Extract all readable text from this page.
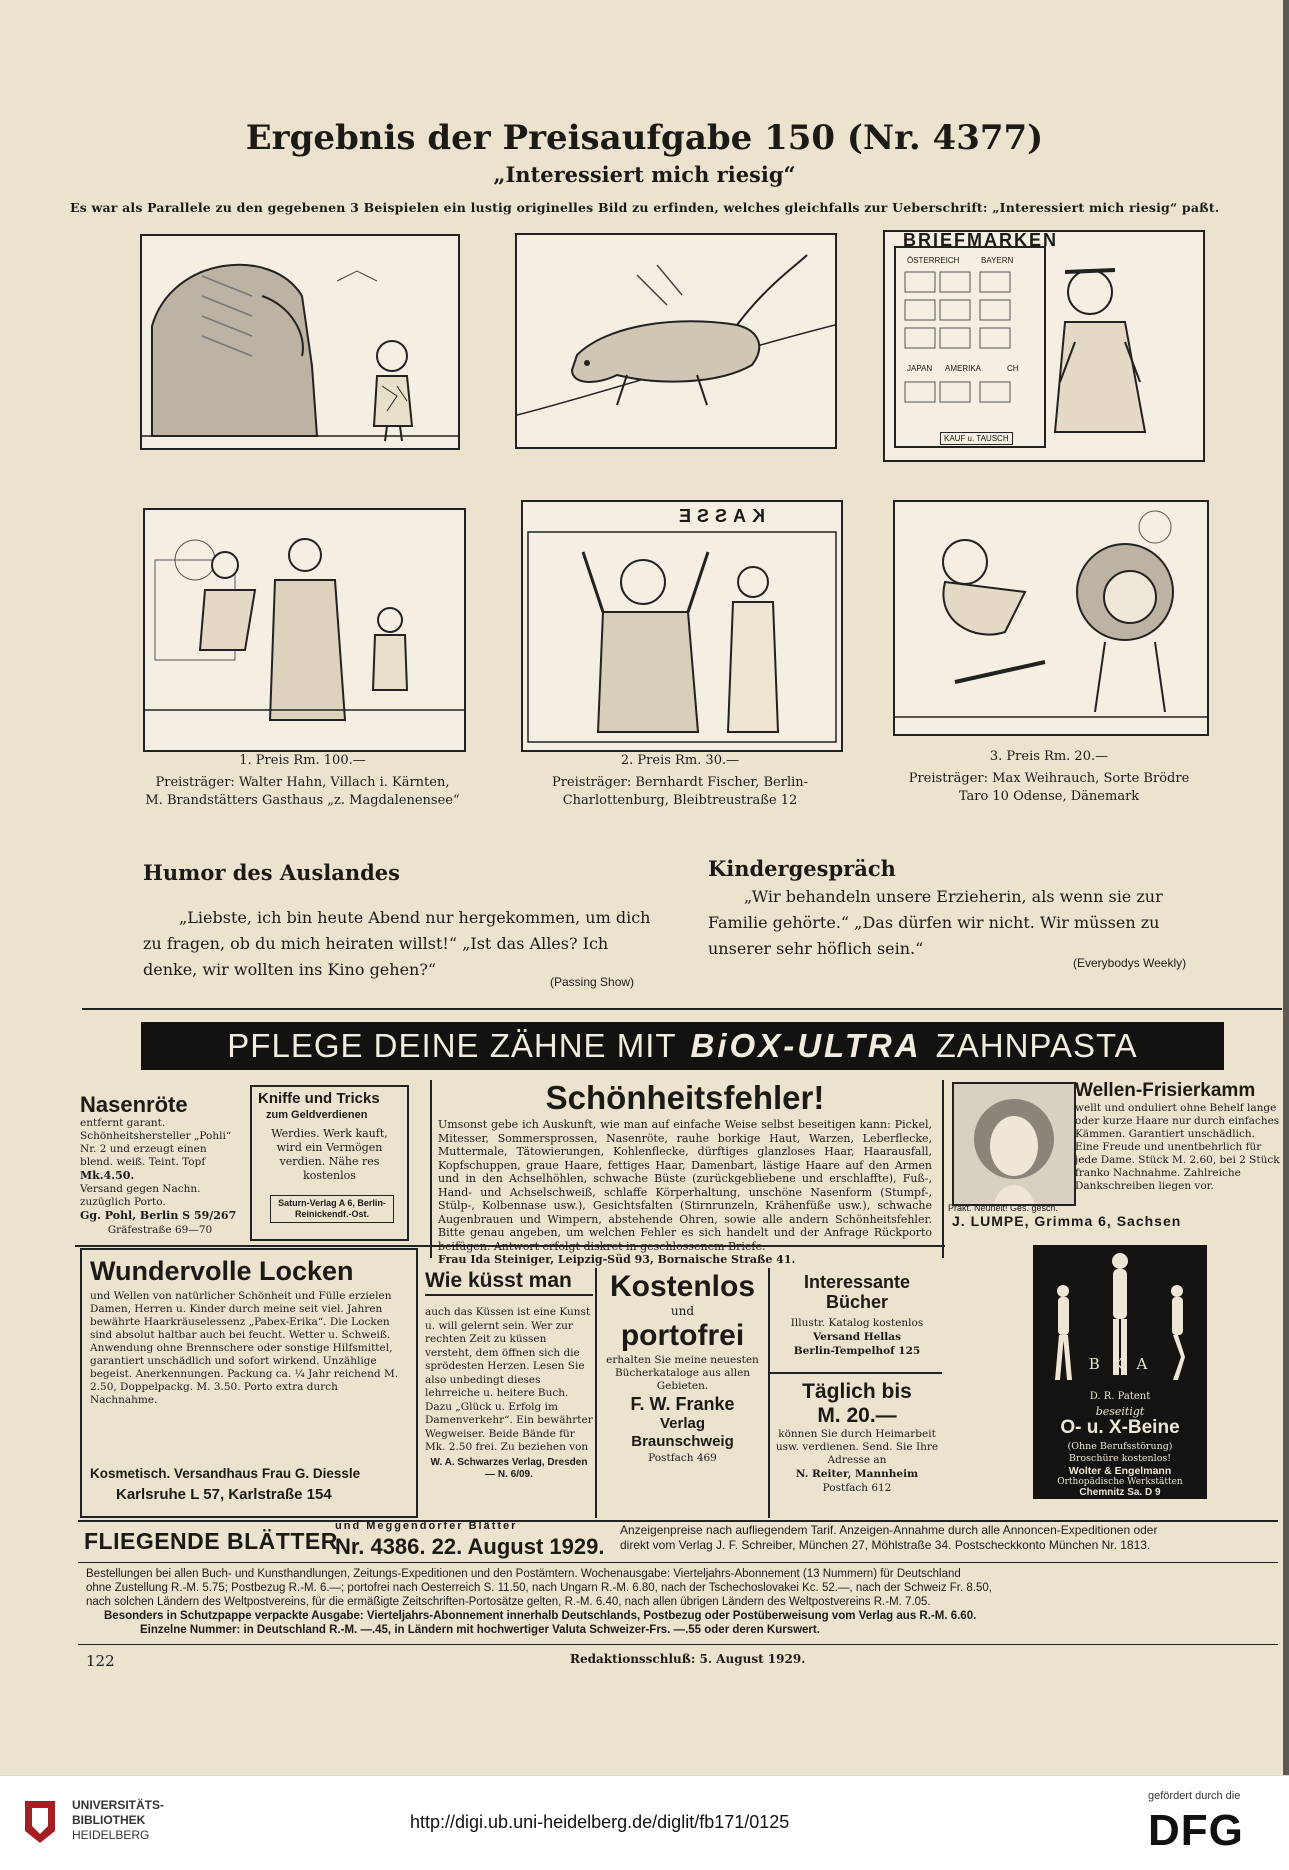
Ergebnis der Preisaufgabe 150 (Nr. 4377)
„Interessiert mich riesig“
Es war als Parallele zu den gegebenen 3 Beispielen ein lustig originelles Bild zu erfinden, welches gleichfalls zur Ueberschrift: „Interessiert mich riesig“ paßt.
BRIEFMARKEN
ÖSTERREICH	BAYERN
JAPAN AMERIKA	CH
KAUF u. TAUSCH
KASSE
1. Preis Rm. 100.—
Preisträger: Walter Hahn, Villach i. Kärnten,
M. Brandstätters Gasthaus „z. Magdalenensee“
2. Preis Rm. 30.—
Preisträger: Bernhardt Fischer, Berlin-
Charlottenburg, Bleibtreustraße 12
3. Preis Rm. 20.—
Preisträger: Max Weihrauch, Sorte Brödre
Taro 10 Odense, Dänemark
Humor des Auslandes
„Liebste, ich bin heute Abend nur hergekommen, um dich zu fragen, ob du mich heiraten willst!“ „Ist das Alles? Ich denke, wir wollten ins Kino gehen?“
(Passing Show)
Kindergespräch
„Wir behandeln unsere Erzieherin, als wenn sie zur Familie gehörte.“ „Das dürfen wir nicht. Wir müssen zu unserer sehr höflich sein.“
(Everybodys Weekly)
PFLEGE DEINE ZÄHNE MIT BiOX-ULTRA ZAHNPASTA
Nasenröte
entfernt garant. Schönheitshersteller „Pohli“ Nr. 2 und erzeugt einen blend. weiß. Teint. Topf
Mk.4.50.
Versand gegen Nachn. zuzüglich Porto.
Gg. Pohl, Berlin S 59/267
Gräfestraße 69—70
Kniffe und Tricks
zum Geldverdienen
Werdies. Werk kauft, wird ein Vermögen verdien. Nähe res kostenlos
Saturn-Verlag A 6, Berlin-Reinickendf.-Ost.
Schönheitsfehler!
Umsonst gebe ich Auskunft, wie man auf einfache Weise selbst beseitigen kann: Pickel, Mitesser, Sommersprossen, Nasenröte, rauhe borkige Haut, Warzen, Leberflecke, Muttermale, Tätowierungen, Kohlenflecke, dürftiges glanzloses Haar, Haarausfall, Kopfschuppen, graue Haare, fettiges Haar, Damenbart, lästige Haare auf den Armen und in den Achselhöhlen, schwache Büste (zurückgebliebene und erschlaffte), Fuß-, Hand- und Achselschweiß, schlaffe Körperhaltung, unschöne Nasenform (Stumpf-, Stülp-, Kolbennase usw.), Gesichtsfalten (Stirnrunzeln, Krähenfüße usw.), schwache Augenbrauen und Wimpern, abstehende Ohren, sowie alle andern Schönheitsfehler. Bitte genau angeben, um welchen Fehler es sich handelt und der Anfrage Rückporto
Frau Ida Steiniger, Leipzig-Süd 93, Bornaische Straße 41.
Prakt. Neuheit! Ges. gesch.
Wellen-Frisierkamm
wellt und onduliert ohne Behelf lange oder kurze Haare nur durch einfaches Kämmen. Garantiert unschädlich. Eine Freude und unentbehrlich für jede Dame. Stück M. 2.60, bei 2 Stück franko Nachnahme. Zahlreiche Dankschreiben liegen vor.
J. LUMPE, Grimma 6, Sachsen
Wundervolle Locken
und Wellen von natürlicher Schönheit und Fülle erzielen Damen, Herren u. Kinder durch meine seit viel. Jahren bewährte Haarkräuselessenz „Pabex-Erika“. Die Locken sind absolut haltbar auch bei feucht. Wetter u. Schweiß. Anwendung ohne Brennschere oder sonstige Hilfsmittel, garantiert unschädlich und sofort wirkend. Unzählige begeist. Anerkennungen. Packung ca. ¼ Jahr reichend M. 2.50, Doppelpackg. M. 3.50. Porto extra durch Nachnahme.
Kosmetisch. Versandhaus Frau G. Diessle
Karlsruhe L 57, Karlstraße 154
Wie küsst man
auch das Küssen ist eine Kunst u. will gelernt sein. Wer zur rechten Zeit zu küssen versteht, dem öffnen sich die sprödesten Herzen. Lesen Sie also unbedingt dieses lehrreiche u. heitere Buch. Dazu „Glück u. Erfolg im Damenverkehr“. Ein bewährter Wegweiser. Beide Bände für Mk. 2.50 frei. Zu beziehen von
W. A. Schwarzes Verlag, Dresden — N. 6/09.
Kostenlos
und
portofrei
erhalten Sie meine neuesten Bücherkataloge aus allen Gebieten.
F. W. Franke
Verlag
Braunschweig
Postfach 469
Interessante
Bücher
Illustr. Katalog kostenlos
Versand Hellas
Berlin-Tempelhof 125
Täglich bis
M. 20.—
können Sie durch Heimarbeit usw. verdienen. Send. Sie Ihre Adresse an
N. Reiter, Mannheim
Postfach 612
B K A
D. R. Patent
beseitigt
O- u. X-Beine
(Ohne Berufsstörung)
Broschüre kostenlos!
Wolter & Engelmann
Orthopädische Werkstätten
Chemnitz Sa. D 9
FLIEGENDE BLÄTTER
und Meggendorfer Blätter
Nr. 4386. 22. August 1929.
Anzeigenpreise nach aufliegendem Tarif. Anzeigen-Annahme durch alle Annoncen-Expeditionen oder
direkt vom Verlag J. F. Schreiber, München 27, Möhlstraße 34. Postscheckkonto München Nr. 1813.
Bestellungen bei allen Buch- und Kunsthandlungen, Zeitungs-Expeditionen und den Postämtern. Wochenausgabe: Vierteljahrs-Abonnement (13 Nummern) für Deutschland
ohne Zustellung R.-M. 5.75; Postbezug R.-M. 6.—; portofrei nach Oesterreich S. 11.50, nach Ungarn R.-M. 6.80, nach der Tschechoslovakei Kc. 52.—, nach der Schweiz Fr. 8.50,
nach solchen Ländern des Weltpostvereins, für die ermäßigte Zeitschriften-Portosätze gelten, R.-M. 6.40, nach allen übrigen Ländern des Weltpostvereins R.-M. 7.05.
Besonders in Schutzpappe verpackte Ausgabe: Vierteljahrs-Abonnement innerhalb Deutschlands, Postbezug oder Postüberweisung vom Verlag aus R.-M. 6.60.
Einzelne Nummer: in Deutschland R.-M. —.45, in Ländern mit hochwertiger Valuta Schweizer-Frs. —.55 oder deren Kurswert.
122	Redaktionsschluß: 5. August 1929.
UNIVERSITÄTS-
BIBLIOTHEK
HEIDELBERG
http://digi.ub.uni-heidelberg.de/diglit/fb171/0125
gefördert durch die
DFG
